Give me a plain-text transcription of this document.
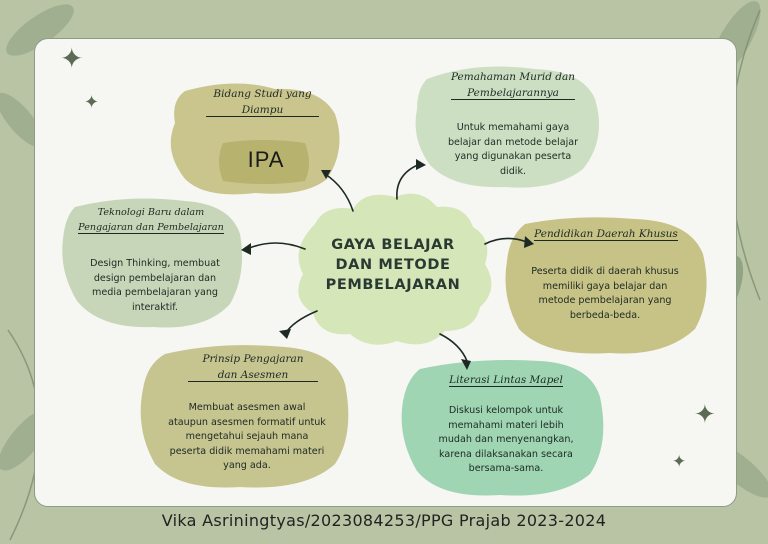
GAYA BELAJAR
DAN METODE
PEMBELAJARAN
Bidang Studi yang
Diampu
IPA
Pemahaman Murid dan
Pembelajarannya
Untuk memahami gaya
belajar dan metode belajar
yang digunakan peserta
didik.
Teknologi Baru dalam
Pengajaran dan Pembelajaran
Design Thinking, membuat
design pembelajaran dan
media pembelajaran yang
interaktif.
Pendidikan Daerah Khusus
Peserta didik di daerah khusus
memiliki gaya belajar dan
metode pembelajaran yang
berbeda-beda.
Prinsip Pengajaran
dan Asesmen
Membuat asesmen awal
ataupun asesmen formatif untuk
mengetahui sejauh mana
peserta didik memahami materi
yang ada.
Literasi Lintas Mapel
Diskusi kelompok untuk
memahami materi lebih
mudah dan menyenangkan,
karena dilaksanakan secara
bersama-sama.
✦
✦
✦
✦
Vika Asriningtyas/2023084253/PPG Prajab 2023-2024
